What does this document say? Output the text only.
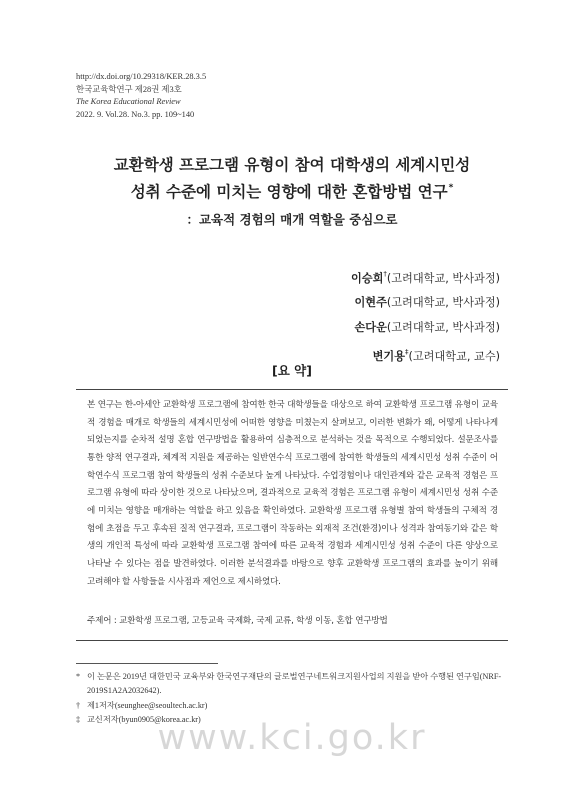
http://dx.doi.org/10.29318/KER.28.3.5
한국교육학연구 제28권 제3호
The Korea Educational Review
2022. 9. Vol.28. No.3. pp. 109~140
교환학생 프로그램 유형이 참여 대학생의 세계시민성
성취 수준에 미치는 영향에 대한 혼합방법 연구*
：교육적 경험의 매개 역할을 중심으로
이승희†(고려대학교, 박사과정)
이현주(고려대학교, 박사과정)
손다운(고려대학교, 박사과정)
변기용‡(고려대학교, 교수)
[요 약]
본 연구는 한-아세안 교환학생 프로그램에 참여한 한국 대학생들을 대상으로 하여 교환학생 프로그램 유형이 교육적 경험을 매개로 학생들의 세계시민성에 어떠한 영향을 미쳤는지 살펴보고, 이러한 변화가 왜, 어떻게 나타나게 되었는지를 순차적 설명 혼합 연구방법을 활용하여 심층적으로 분석하는 것을 목적으로 수행되었다. 설문조사를 통한 양적 연구결과, 체계적 지원을 제공하는 일반연수식 프로그램에 참여한 학생들의 세계시민성 성취 수준이 어학연수식 프로그램 참여 학생들의 성취 수준보다 높게 나타났다. 수업경험이나 대인관계와 같은 교육적 경험은 프로그램 유형에 따라 상이한 것으로 나타났으며, 결과적으로 교육적 경험은 프로그램 유형이 세계시민성 성취 수준에 미치는 영향을 매개하는 역할을 하고 있음을 확인하였다. 교환학생 프로그램 유형별 참여 학생들의 구체적 경험에 초점을 두고 후속된 질적 연구결과, 프로그램이 작동하는 외재적 조건(환경)이나 성격과 참여동기와 같은 학생의 개인적 특성에 따라 교환학생 프로그램 참여에 따른 교육적 경험과 세계시민성 성취 수준이 다른 양상으로 나타날 수 있다는 점을 발견하였다. 이러한 분석결과를 바탕으로 향후 교환학생 프로그램의 효과를 높이기 위해 고려해야 할 사항들을 시사점과 제언으로 제시하였다.
주제어 : 교환학생 프로그램, 고등교육 국제화, 국제 교류, 학생 이동, 혼합 연구방법
* 이 논문은 2019년 대한민국 교육부와 한국연구재단의 글로벌연구네트워크지원사업의 지원을 받아 수행된 연구임(NRF-2019S1A2A2032642).
† 제1저자(seunghee@seoultech.ac.kr)
‡ 교신저자(byun0905@korea.ac.kr)
www.kci.go.kr
